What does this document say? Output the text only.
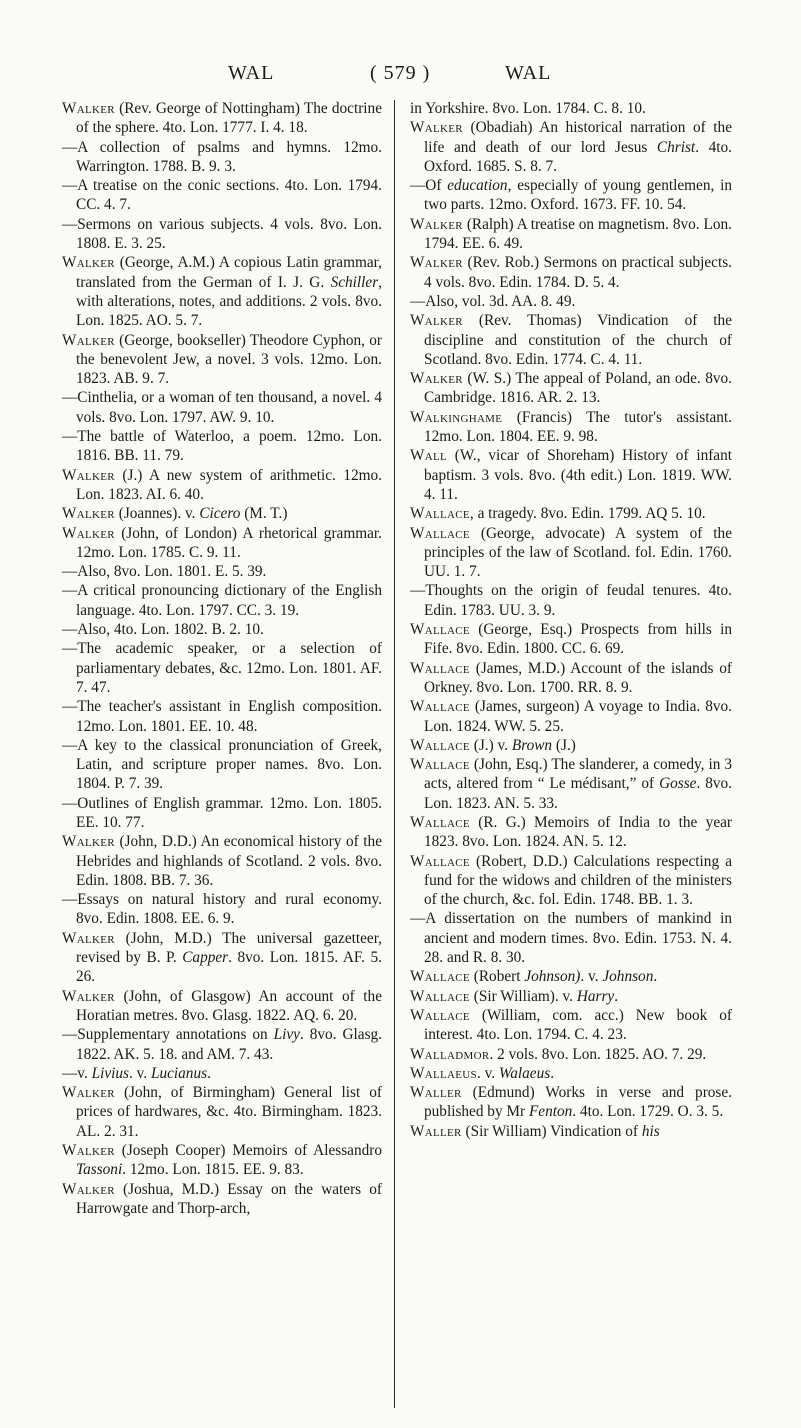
WAL	( 579 )	WAL

Walker (Rev. George of Nottingham) The doctrine of the sphere. 4to. Lon. 1777. I. 4. 18.

—A collection of psalms and hymns. 12mo. Warrington. 1788. B. 9. 3.

—A treatise on the conic sections. 4to. Lon. 1794. CC. 4. 7.

—Sermons on various subjects. 4 vols. 8vo. Lon. 1808. E. 3. 25.

Walker (George, A.M.) A copious Latin grammar, translated from the German of I. J. G. Schiller, with alterations, notes, and additions. 2 vols. 8vo. Lon. 1825. AO. 5. 7.

Walker (George, bookseller) Theodore Cyphon, or the benevolent Jew, a novel. 3 vols. 12mo. Lon. 1823. AB. 9. 7.

—Cinthelia, or a woman of ten thousand, a novel. 4 vols. 8vo. Lon. 1797. AW. 9. 10.

—The battle of Waterloo, a poem. 12mo. Lon. 1816. BB. 11. 79.

Walker (J.) A new system of arithmetic. 12mo. Lon. 1823. AI. 6. 40.

Walker (Joannes). v. Cicero (M. T.)

Walker (John, of London) A rhetorical grammar. 12mo. Lon. 1785. C. 9. 11.

—Also, 8vo. Lon. 1801. E. 5. 39.

—A critical pronouncing dictionary of the English language. 4to. Lon. 1797. CC. 3. 19.

—Also, 4to. Lon. 1802. B. 2. 10.

—The academic speaker, or a selection of parliamentary debates, &c. 12mo. Lon. 1801. AF. 7. 47.

—The teacher's assistant in English composition. 12mo. Lon. 1801. EE. 10. 48.

—A key to the classical pronunciation of Greek, Latin, and scripture proper names. 8vo. Lon. 1804. P. 7. 39.

—Outlines of English grammar. 12mo. Lon. 1805. EE. 10. 77.

Walker (John, D.D.) An economical history of the Hebrides and highlands of Scotland. 2 vols. 8vo. Edin. 1808. BB. 7. 36.

—Essays on natural history and rural economy. 8vo. Edin. 1808. EE. 6. 9.

Walker (John, M.D.) The universal gazetteer, revised by B. P. Capper. 8vo. Lon. 1815. AF. 5. 26.

Walker (John, of Glasgow) An account of the Horatian metres. 8vo. Glasg. 1822. AQ. 6. 20.

—Supplementary annotations on Livy. 8vo. Glasg. 1822. AK. 5. 18. and AM. 7. 43.

—v. Livius. v. Lucianus.

Walker (John, of Birmingham) General list of prices of hardwares, &c. 4to. Birmingham. 1823. AL. 2. 31.

Walker (Joseph Cooper) Memoirs of Alessandro Tassoni. 12mo. Lon. 1815. EE. 9. 83.

Walker (Joshua, M.D.) Essay on the waters of Harrowgate and Thorp-arch,

in Yorkshire. 8vo. Lon. 1784. C. 8. 10.

Walker (Obadiah) An historical narration of the life and death of our lord Jesus Christ. 4to. Oxford. 1685. S. 8. 7.

—Of education, especially of young gentlemen, in two parts. 12mo. Oxford. 1673. FF. 10. 54.

Walker (Ralph) A treatise on magnetism. 8vo. Lon. 1794. EE. 6. 49.

Walker (Rev. Rob.) Sermons on practical subjects. 4 vols. 8vo. Edin. 1784. D. 5. 4.

—Also, vol. 3d. AA. 8. 49.

Walker (Rev. Thomas) Vindication of the discipline and constitution of the church of Scotland. 8vo. Edin. 1774. C. 4. 11.

Walker (W. S.) The appeal of Poland, an ode. 8vo. Cambridge. 1816. AR. 2. 13.

Walkinghame (Francis) The tutor's assistant. 12mo. Lon. 1804. EE. 9. 98.

Wall (W., vicar of Shoreham) History of infant baptism. 3 vols. 8vo. (4th edit.) Lon. 1819. WW. 4. 11.

Wallace, a tragedy. 8vo. Edin. 1799. AQ 5. 10.

Wallace (George, advocate) A system of the principles of the law of Scotland. fol. Edin. 1760. UU. 1. 7.

—Thoughts on the origin of feudal tenures. 4to. Edin. 1783. UU. 3. 9.

Wallace (George, Esq.) Prospects from hills in Fife. 8vo. Edin. 1800. CC. 6. 69.

Wallace (James, M.D.) Account of the islands of Orkney. 8vo. Lon. 1700. RR. 8. 9.

Wallace (James, surgeon) A voyage to India. 8vo. Lon. 1824. WW. 5. 25.

Wallace (J.) v. Brown (J.)

Wallace (John, Esq.) The slanderer, a comedy, in 3 acts, altered from “ Le médisant,” of Gosse. 8vo. Lon. 1823. AN. 5. 33.

Wallace (R. G.) Memoirs of India to the year 1823. 8vo. Lon. 1824. AN. 5. 12.

Wallace (Robert, D.D.) Calculations respecting a fund for the widows and children of the ministers of the church, &c. fol. Edin. 1748. BB. 1. 3.

—A dissertation on the numbers of mankind in ancient and modern times. 8vo. Edin. 1753. N. 4. 28. and R. 8. 30.

Wallace (Robert Johnson). v. Johnson.

Wallace (Sir William). v. Harry.

Wallace (William, com. acc.) New book of interest. 4to. Lon. 1794. C. 4. 23.

Walladmor. 2 vols. 8vo. Lon. 1825. AO. 7. 29.

Wallaeus. v. Walaeus.

Waller (Edmund) Works in verse and prose. published by Mr Fenton. 4to. Lon. 1729. O. 3. 5.

Waller (Sir William) Vindication of his
